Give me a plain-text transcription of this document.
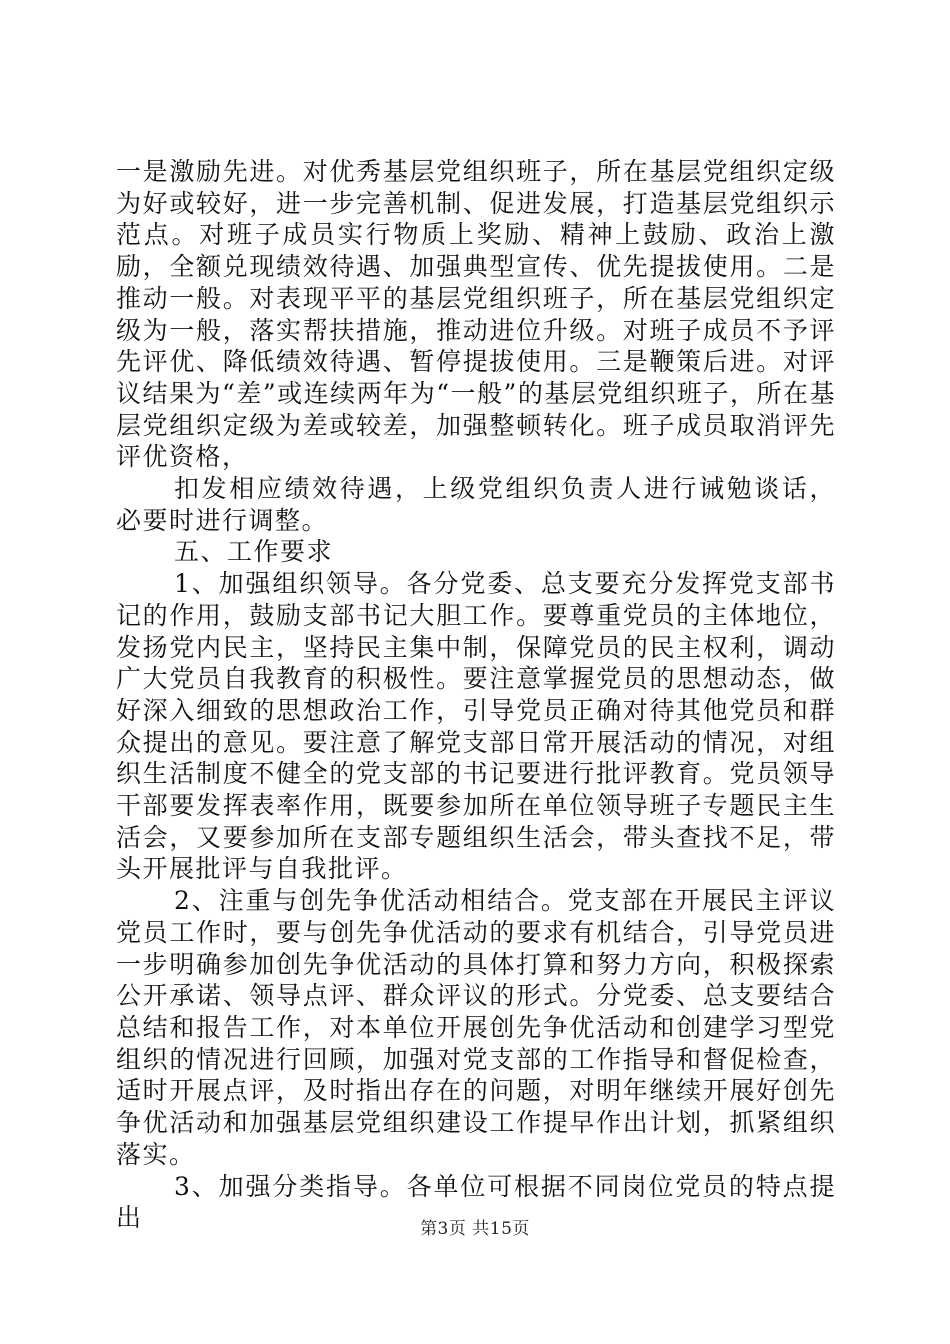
一是激励先进。对优秀基层党组织班子，所在基层党组织定级为好或较好，进一步完善机制、促进发展，打造基层党组织示范点。对班子成员实行物质上奖励、精神上鼓励、政治上激励，全额兑现绩效待遇、加强典型宣传、优先提拔使用。二是推动一般。对表现平平的基层党组织班子，所在基层党组织定级为一般，落实帮扶措施，推动进位升级。对班子成员不予评先评优、降低绩效待遇、暂停提拔使用。三是鞭策后进。对评议结果为“差”或连续两年为“一般”的基层党组织班子，所在基层党组织定级为差或较差，加强整顿转化。班子成员取消评先评优资格，

扣发相应绩效待遇，上级党组织负责人进行诫勉谈话，必要时进行调整。

五、工作要求

1、加强组织领导。各分党委、总支要充分发挥党支部书记的作用，鼓励支部书记大胆工作。要尊重党员的主体地位，发扬党内民主，坚持民主集中制，保障党员的民主权利，调动广大党员自我教育的积极性。要注意掌握党员的思想动态，做好深入细致的思想政治工作，引导党员正确对待其他党员和群众提出的意见。要注意了解党支部日常开展活动的情况，对组织生活制度不健全的党支部的书记要进行批评教育。党员领导干部要发挥表率作用，既要参加所在单位领导班子专题民主生活会，又要参加所在支部专题组织生活会，带头查找不足，带头开展批评与自我批评。

2、注重与创先争优活动相结合。党支部在开展民主评议党员工作时，要与创先争优活动的要求有机结合，引导党员进一步明确参加创先争优活动的具体打算和努力方向，积极探索公开承诺、领导点评、群众评议的形式。分党委、总支要结合总结和报告工作，对本单位开展创先争优活动和创建学习型党组织的情况进行回顾，加强对党支部的工作指导和督促检查，适时开展点评，及时指出存在的问题，对明年继续开展好创先争优活动和加强基层党组织建设工作提早作出计划，抓紧组织落实。

3、加强分类指导。各单位可根据不同岗位党员的特点提出	第3页 共15页
